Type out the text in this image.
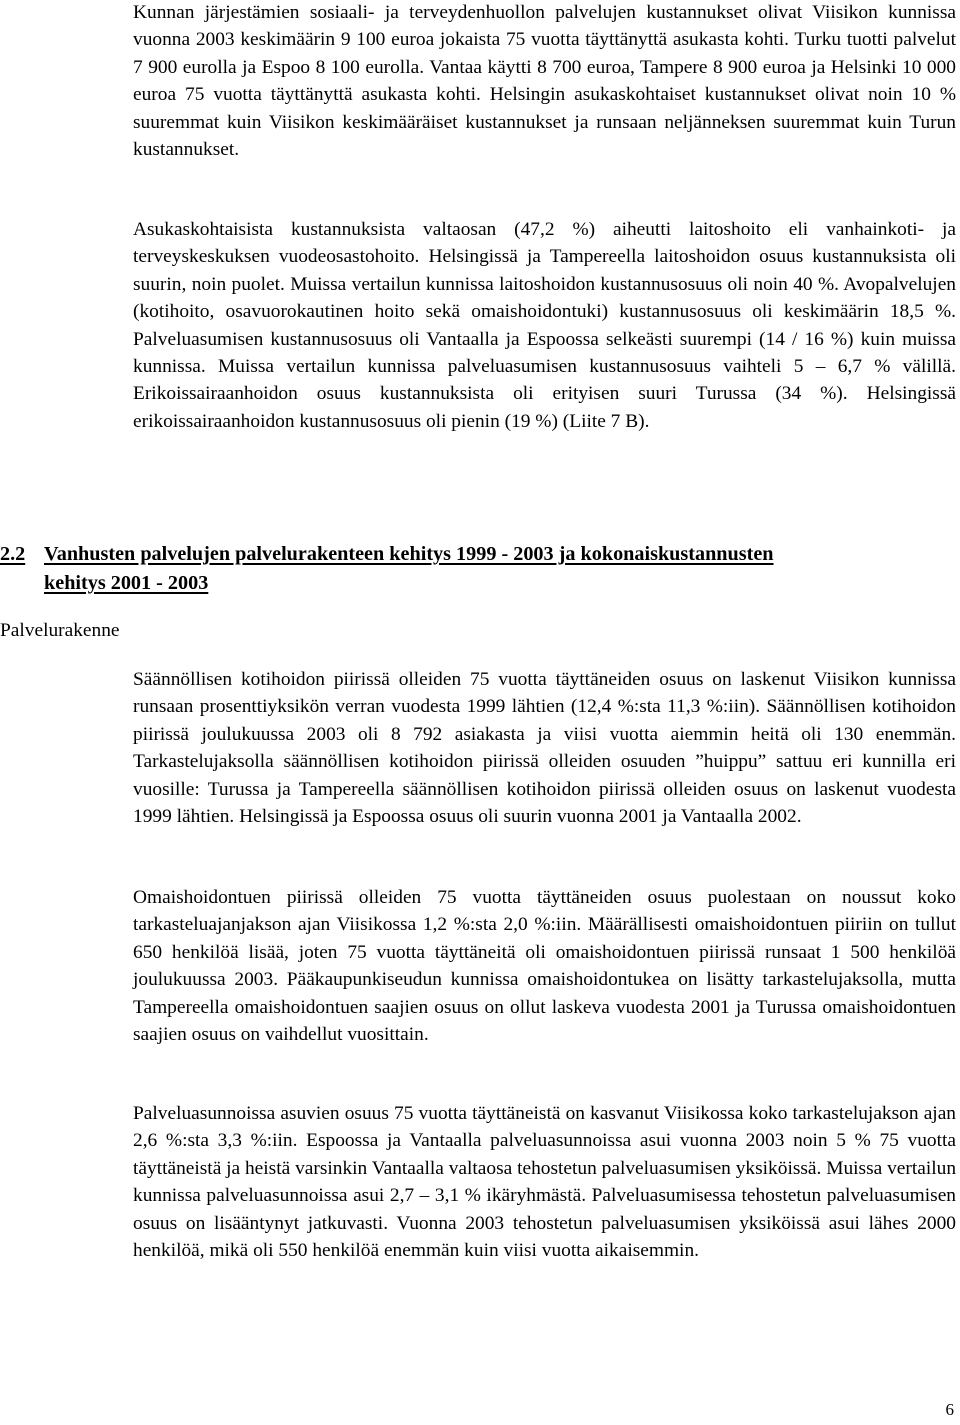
Kunnan järjestämien sosiaali- ja terveydenhuollon palvelujen kustannukset olivat Viisikon kunnissa vuonna 2003 keskimäärin 9 100 euroa jokaista 75 vuotta täyttänyttä asukasta kohti. Turku tuotti palvelut 7 900 eurolla ja Espoo 8 100 eurolla. Vantaa käytti 8 700 euroa, Tampere 8 900 euroa ja Helsinki 10 000 euroa 75 vuotta täyttänyttä asukasta kohti. Helsingin asukaskohtaiset kustannukset olivat noin 10 % suuremmat kuin Viisikon keskimääräiset kustannukset ja runsaan neljänneksen suuremmat kuin Turun kustannukset.

Asukaskohtaisista kustannuksista valtaosan (47,2 %) aiheutti laitoshoito eli vanhainkoti- ja terveyskeskuksen vuodeosastohoito. Helsingissä ja Tampereella laitoshoidon osuus kustannuksista oli suurin, noin puolet. Muissa vertailun kunnissa laitoshoidon kustannusosuus oli noin 40 %. Avopalvelujen (kotihoito, osavuorokautinen hoito sekä omaishoidontuki) kustannusosuus oli keskimäärin 18,5 %. Palveluasumisen kustannusosuus oli Vantaalla ja Espoossa selkeästi suurempi (14 / 16 %) kuin muissa kunnissa. Muissa vertailun kunnissa palveluasumisen kustannusosuus vaihteli 5 – 6,7 % välillä. Erikoissairaanhoidon osuus kustannuksista oli erityisen suuri Turussa (34 %). Helsingissä erikoissairaanhoidon kustannusosuus oli pienin (19 %) (Liite 7 B).

2.2 Vanhusten palvelujen palvelurakenteen kehitys 1999 - 2003 ja kokonaiskustannusten
kehitys 2001 - 2003

Palvelurakenne

Säännöllisen kotihoidon piirissä olleiden 75 vuotta täyttäneiden osuus on laskenut Viisikon kunnissa runsaan prosenttiyksikön verran vuodesta 1999 lähtien (12,4 %:sta 11,3 %:iin). Säännöllisen kotihoidon piirissä joulukuussa 2003 oli 8 792 asiakasta ja viisi vuotta aiemmin heitä oli 130 enemmän. Tarkastelujaksolla säännöllisen kotihoidon piirissä olleiden osuuden ”huippu” sattuu eri kunnilla eri vuosille: Turussa ja Tampereella säännöllisen kotihoidon piirissä olleiden osuus on laskenut vuodesta 1999 lähtien. Helsingissä ja Espoossa osuus oli suurin vuonna 2001 ja Vantaalla 2002.

Omaishoidontuen piirissä olleiden 75 vuotta täyttäneiden osuus puolestaan on noussut koko tarkasteluajanjakson ajan Viisikossa 1,2 %:sta 2,0 %:iin. Määrällisesti omaishoidontuen piiriin on tullut 650 henkilöä lisää, joten 75 vuotta täyttäneitä oli omaishoidontuen piirissä runsaat 1 500 henkilöä joulukuussa 2003. Pääkaupunkiseudun kunnissa omaishoidontukea on lisätty tarkastelujaksolla, mutta Tampereella omaishoidontuen saajien osuus on ollut laskeva vuodesta 2001 ja Turussa omaishoidontuen saajien osuus on vaihdellut vuosittain.

Palveluasunnoissa asuvien osuus 75 vuotta täyttäneistä on kasvanut Viisikossa koko tarkastelujakson ajan 2,6 %:sta 3,3 %:iin. Espoossa ja Vantaalla palveluasunnoissa asui vuonna 2003 noin 5 % 75 vuotta täyttäneistä ja heistä varsinkin Vantaalla valtaosa tehostetun palveluasumisen yksiköissä. Muissa vertailun kunnissa palveluasunnoissa asui 2,7 – 3,1 % ikäryhmästä. Palveluasumisessa tehostetun palveluasumisen osuus on lisääntynyt jatkuvasti. Vuonna 2003 tehostetun palveluasumisen yksiköissä asui lähes 2000 henkilöä, mikä oli 550 henkilöä enemmän kuin viisi vuotta aikaisemmin.

6
